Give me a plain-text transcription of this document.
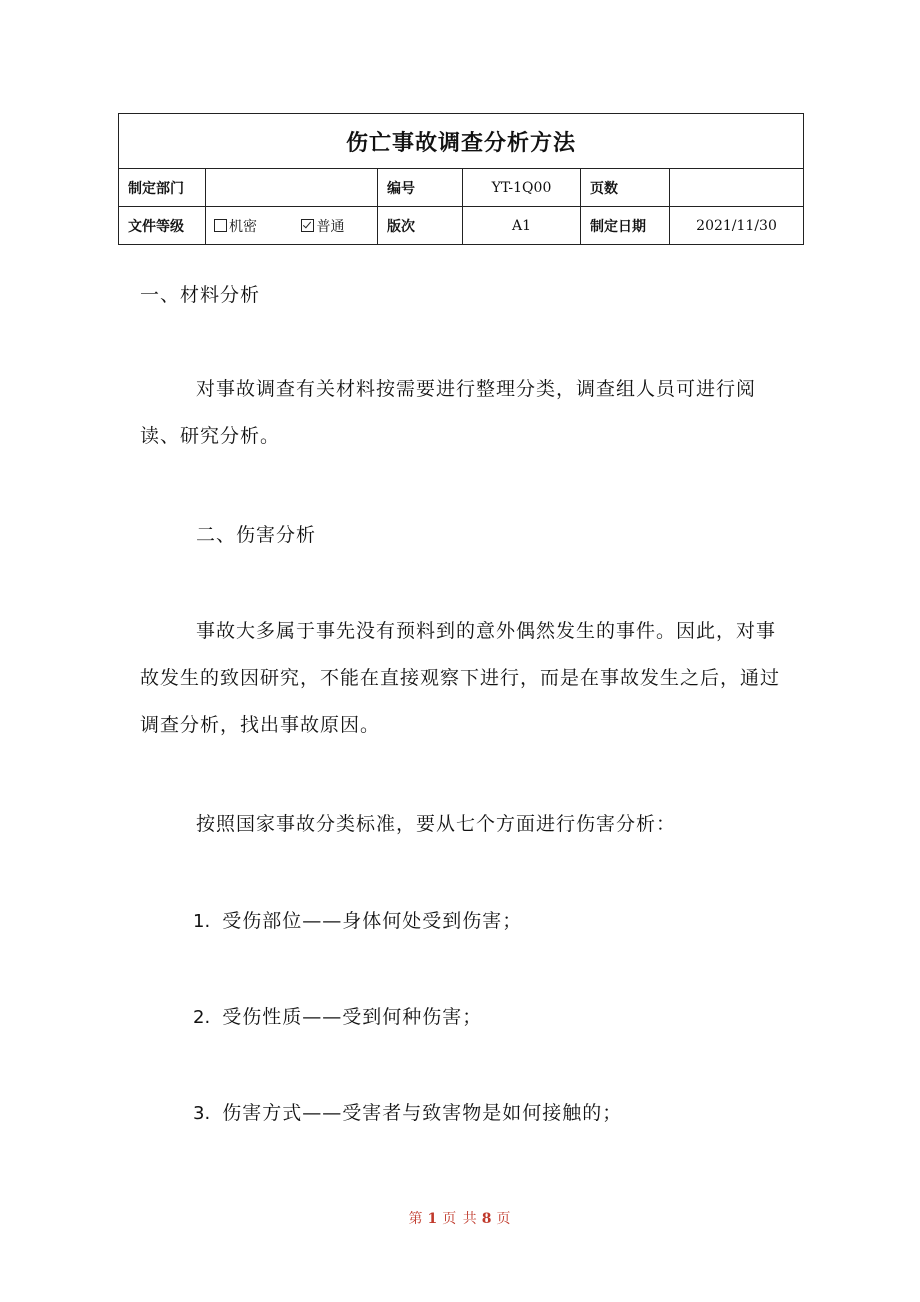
伤亡事故调查分析方法					
制定部门		编号	YT-1Q00	页数	
文件等级	机密 普通	版次	A1	制定日期	2021/11/30

一、材料分析

对事故调查有关材料按需要进行整理分类，调查组人员可进行阅读、研究分析。

二、伤害分析

事故大多属于事先没有预料到的意外偶然发生的事件。因此，对事故发生的致因研究，不能在直接观察下进行，而是在事故发生之后，通过调查分析，找出事故原因。

按照国家事故分类标准，要从七个方面进行伤害分析：

1. 受伤部位——身体何处受到伤害；

2. 受伤性质——受到何种伤害；

3. 伤害方式——受害者与致害物是如何接触的；

第 1 页 共 8 页
